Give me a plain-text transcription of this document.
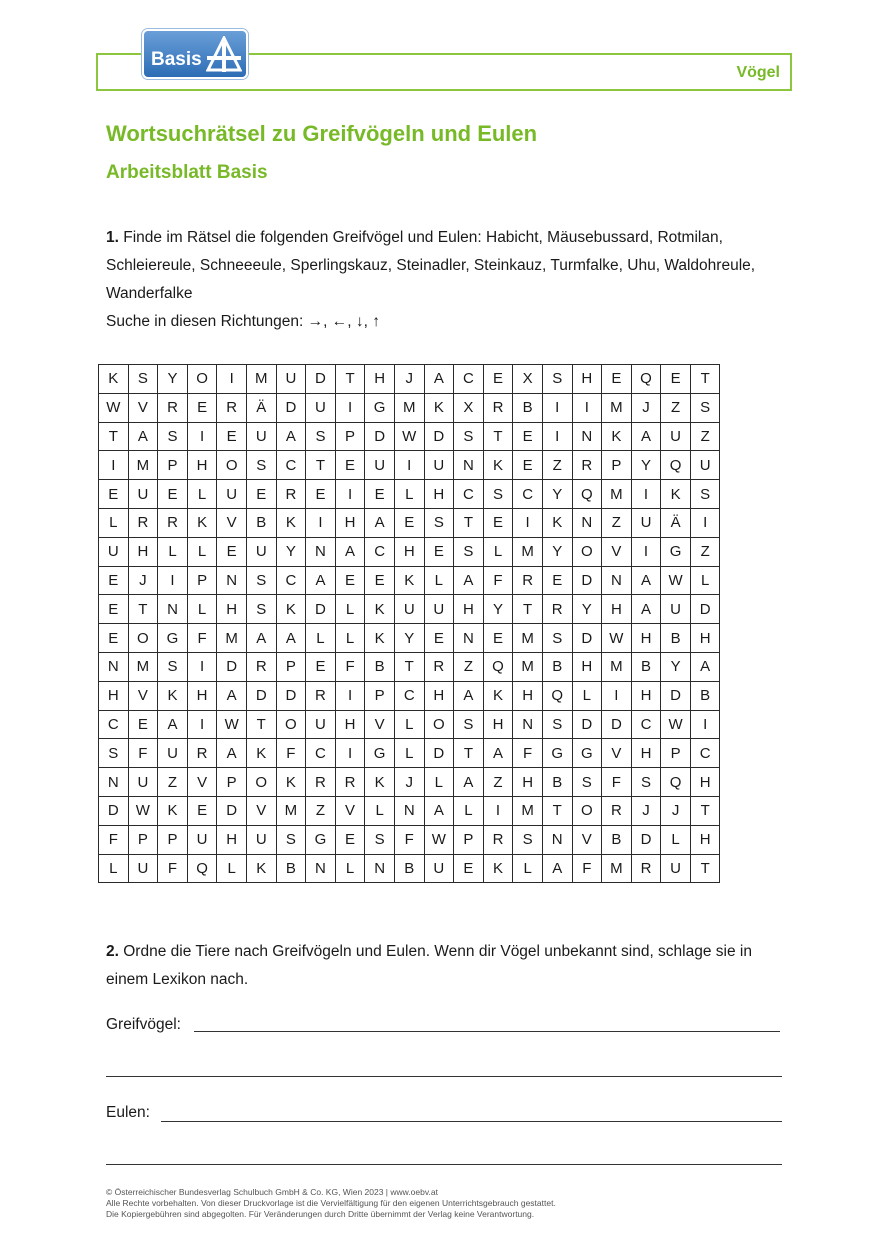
Vögel
Basis
Wortsuchrätsel zu Greifvögeln und Eulen
Arbeitsblatt Basis

1. Finde im Rätsel die folgenden Greifvögel und Eulen: Habicht, Mäusebussard, Rotmilan, Schleiereule, Schneeeule, Sperlingskauz, Steinadler, Steinkauz, Turmfalke, Uhu, Waldohreule, Wanderfalke

Suche in diesen Richtungen: →, ←, ↓, ↑

K	S	Y	O	I	M	U	D	T	H	J	A	C	E	X	S	H	E	Q	E	T
W	V	R	E	R	Ä	D	U	I	G	M	K	X	R	B	I	I	M	J	Z	S
T	A	S	I	E	U	A	S	P	D	W	D	S	T	E	I	N	K	A	U	Z
I	M	P	H	O	S	C	T	E	U	I	U	N	K	E	Z	R	P	Y	Q	U
E	U	E	L	U	E	R	E	I	E	L	H	C	S	C	Y	Q	M	I	K	S
L	R	R	K	V	B	K	I	H	A	E	S	T	E	I	K	N	Z	U	Ä	I
U	H	L	L	E	U	Y	N	A	C	H	E	S	L	M	Y	O	V	I	G	Z
E	J	I	P	N	S	C	A	E	E	K	L	A	F	R	E	D	N	A	W	L
E	T	N	L	H	S	K	D	L	K	U	U	H	Y	T	R	Y	H	A	U	D
E	O	G	F	M	A	A	L	L	K	Y	E	N	E	M	S	D	W	H	B	H
N	M	S	I	D	R	P	E	F	B	T	R	Z	Q	M	B	H	M	B	Y	A
H	V	K	H	A	D	D	R	I	P	C	H	A	K	H	Q	L	I	H	D	B
C	E	A	I	W	T	O	U	H	V	L	O	S	H	N	S	D	D	C	W	I
S	F	U	R	A	K	F	C	I	G	L	D	T	A	F	G	G	V	H	P	C
N	U	Z	V	P	O	K	R	R	K	J	L	A	Z	H	B	S	F	S	Q	H
D	W	K	E	D	V	M	Z	V	L	N	A	L	I	M	T	O	R	J	J	T
F	P	P	U	H	U	S	G	E	S	F	W	P	R	S	N	V	B	D	L	H
L	U	F	Q	L	K	B	N	L	N	B	U	E	K	L	A	F	M	R	U	T

2. Ordne die Tiere nach Greifvögeln und Eulen. Wenn dir Vögel unbekannt sind, schlage sie in einem Lexikon nach.

Greifvögel:
Eulen:
© Österreichischer Bundesverlag Schulbuch GmbH & Co. KG, Wien 2023 | www.oebv.at
Alle Rechte vorbehalten. Von dieser Druckvorlage ist die Vervielfältigung für den eigenen Unterrichtsgebrauch gestattet.
Die Kopiergebühren sind abgegolten. Für Veränderungen durch Dritte übernimmt der Verlag keine Verantwortung.
